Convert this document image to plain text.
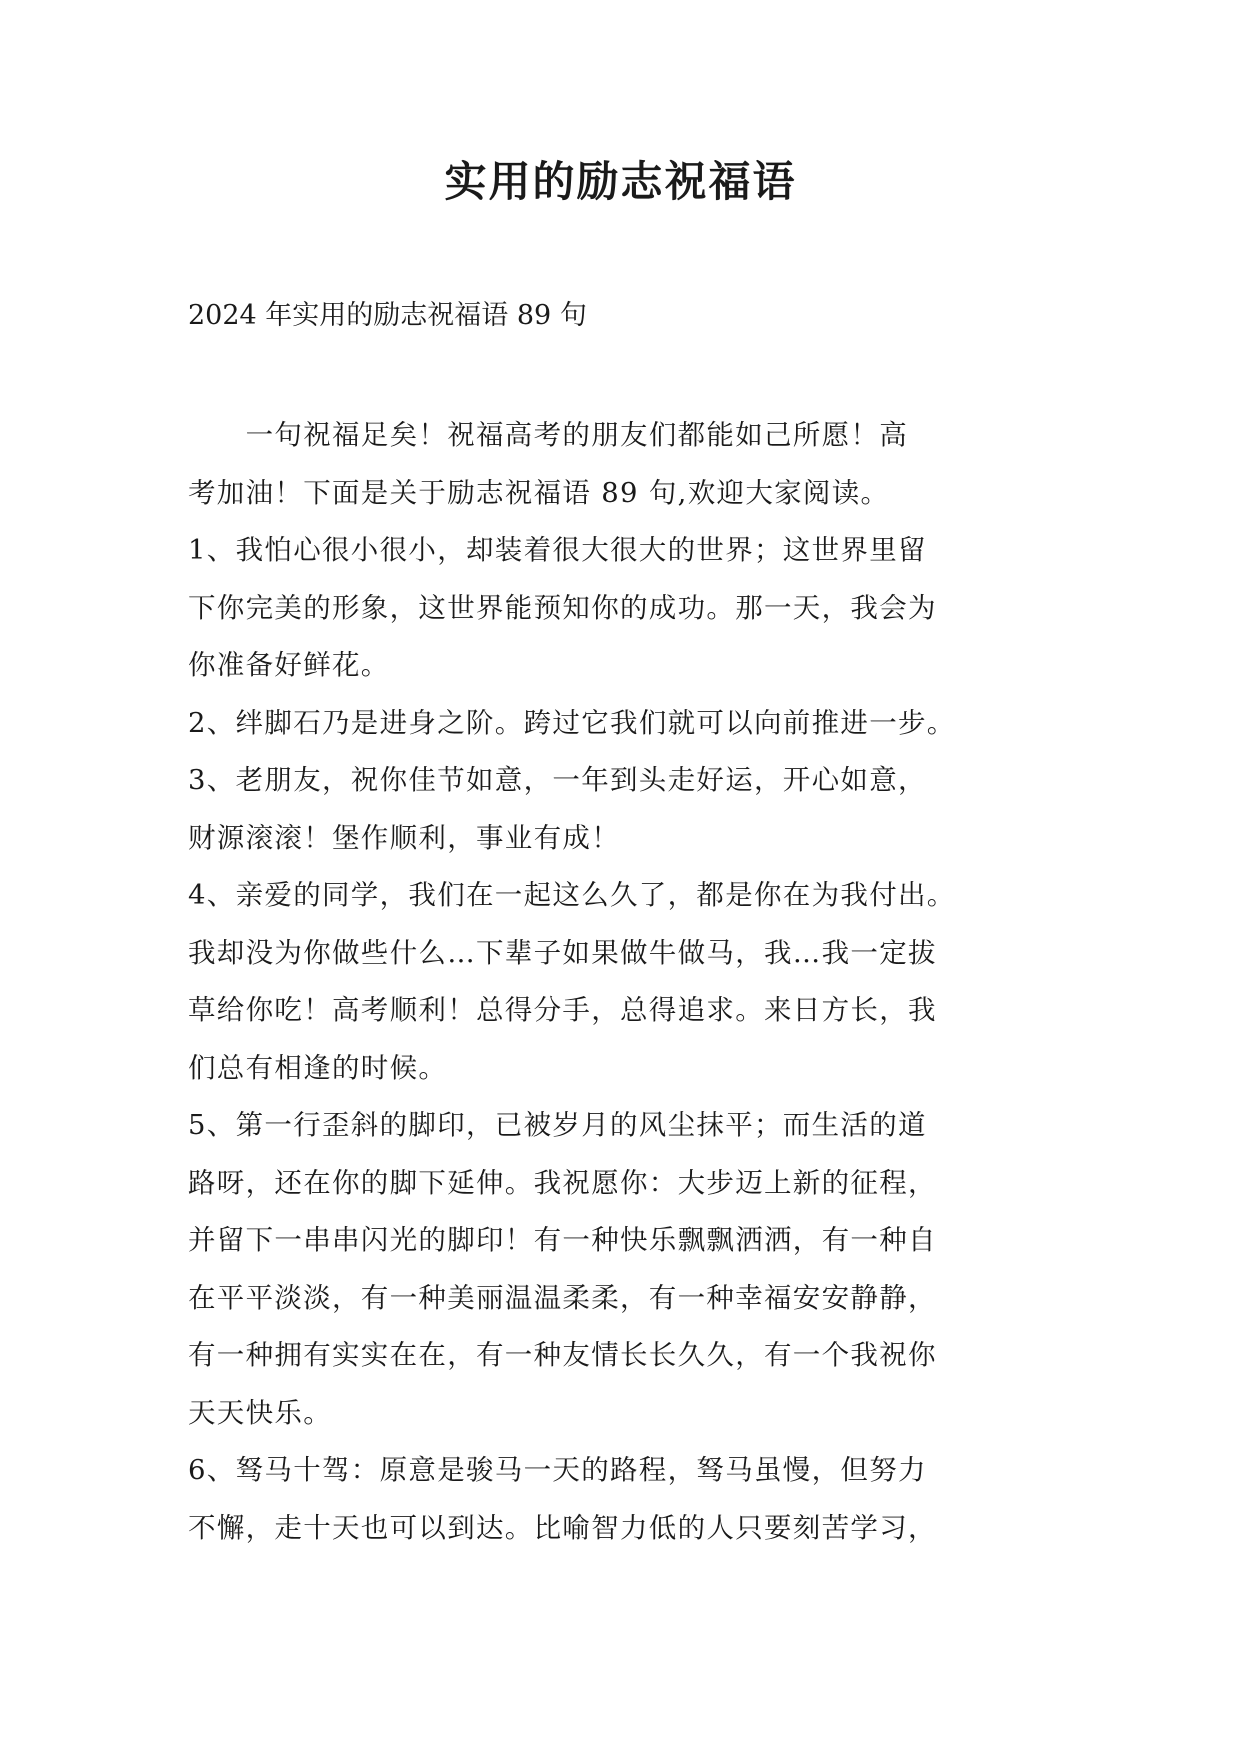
实用的励志祝福语

2024 年实用的励志祝福语 89 句

　　一句祝福足矣！祝福高考的朋友们都能如己所愿！高
考加油！下面是关于励志祝福语 89 句,欢迎大家阅读。
1、我怕心很小很小，却装着很大很大的世界；这世界里留
下你完美的形象，这世界能预知你的成功。那一天，我会为
你准备好鲜花。
2、绊脚石乃是进身之阶。跨过它我们就可以向前推进一步。
3、老朋友，祝你佳节如意，一年到头走好运，开心如意，
财源滚滚！堡作顺利，事业有成！
4、亲爱的同学，我们在一起这么久了，都是你在为我付出。
我却没为你做些什么…下辈子如果做牛做马，我…我一定拔
草给你吃！高考顺利！总得分手，总得追求。来日方长，我
们总有相逢的时候。
5、第一行歪斜的脚印，已被岁月的风尘抹平；而生活的道
路呀，还在你的脚下延伸。我祝愿你：大步迈上新的征程，
并留下一串串闪光的脚印！有一种快乐飘飘洒洒，有一种自
在平平淡淡，有一种美丽温温柔柔，有一种幸福安安静静，
有一种拥有实实在在，有一种友情长长久久，有一个我祝你
天天快乐。
6、驽马十驾：原意是骏马一天的路程，驽马虽慢，但努力
不懈，走十天也可以到达。比喻智力低的人只要刻苦学习，
